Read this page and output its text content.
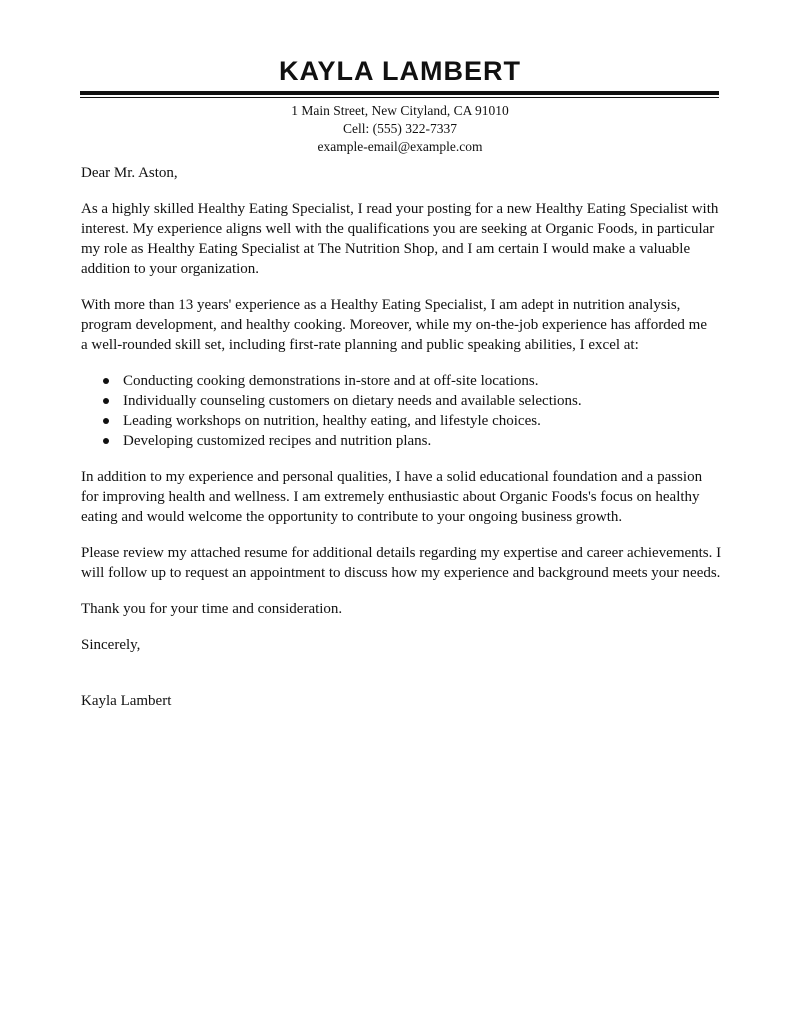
KAYLA LAMBERT
1 Main Street, New Cityland, CA 91010
Cell: (555) 322-7337
example-email@example.com
Dear Mr. Aston,
As a highly skilled Healthy Eating Specialist, I read your posting for a new Healthy Eating Specialist with
interest. My experience aligns well with the qualifications you are seeking at Organic Foods, in particular
my role as Healthy Eating Specialist at The Nutrition Shop, and I am certain I would make a valuable
addition to your organization.
With more than 13 years' experience as a Healthy Eating Specialist, I am adept in nutrition analysis,
program development, and healthy cooking. Moreover, while my on-the-job experience has afforded me
a well-rounded skill set, including first-rate planning and public speaking abilities, I excel at:
Conducting cooking demonstrations in-store and at off-site locations.
Individually counseling customers on dietary needs and available selections.
Leading workshops on nutrition, healthy eating, and lifestyle choices.
Developing customized recipes and nutrition plans.
In addition to my experience and personal qualities, I have a solid educational foundation and a passion
for improving health and wellness. I am extremely enthusiastic about Organic Foods's focus on healthy
eating and would welcome the opportunity to contribute to your ongoing business growth.
Please review my attached resume for additional details regarding my expertise and career achievements. I
will follow up to request an appointment to discuss how my experience and background meets your needs.
Thank you for your time and consideration.
Sincerely,
Kayla Lambert
